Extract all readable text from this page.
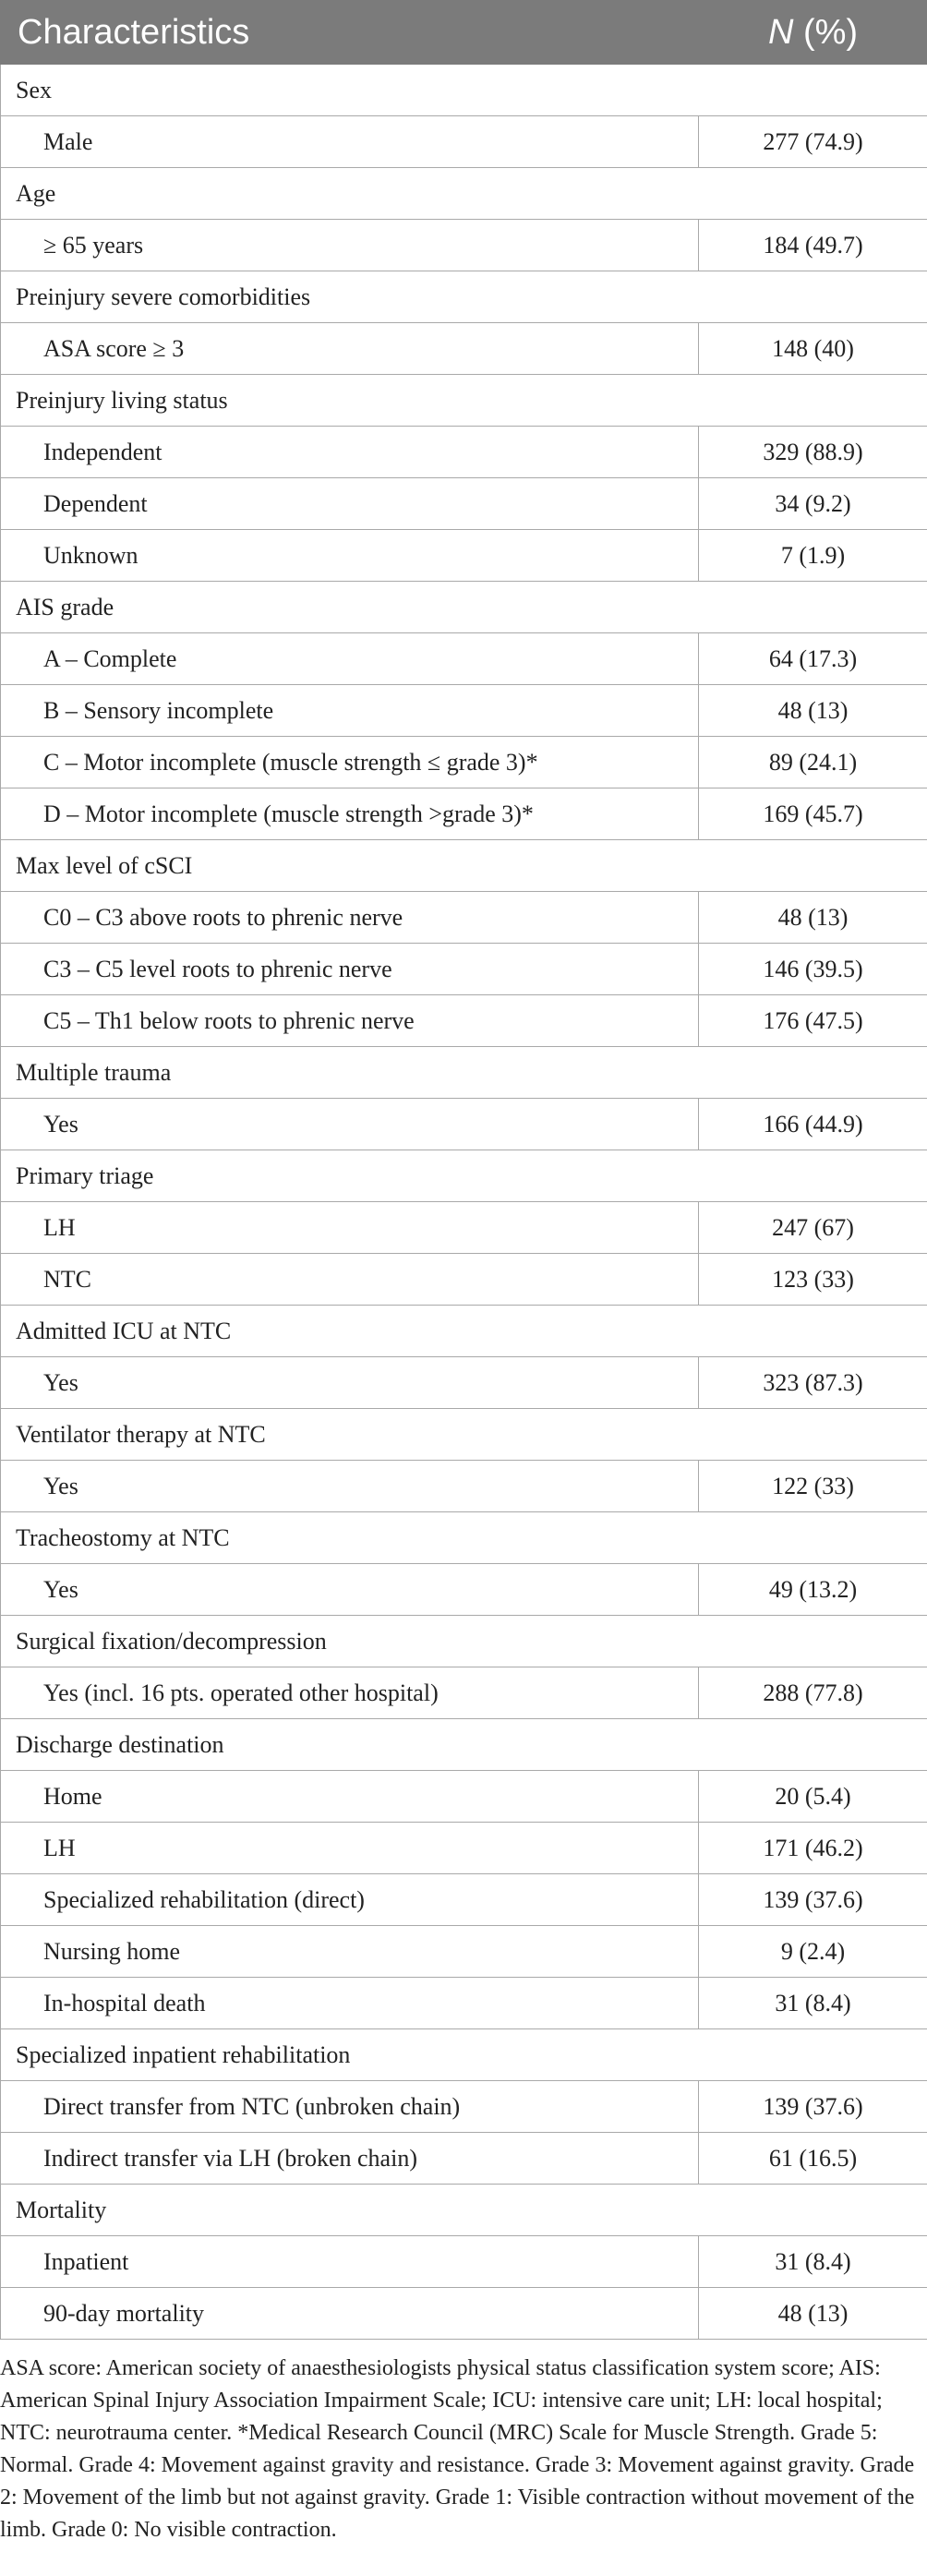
Characteristics	N (%)
Sex	
Male	277 (74.9)
Age	
≥ 65 years	184 (49.7)
Preinjury severe comorbidities	
ASA score ≥ 3	148 (40)
Preinjury living status	
Independent	329 (88.9)
Dependent	34 (9.2)
Unknown	7 (1.9)
AIS grade	
A – Complete	64 (17.3)
B – Sensory incomplete	48 (13)
C – Motor incomplete (muscle strength ≤ grade 3)*	89 (24.1)
D – Motor incomplete (muscle strength >grade 3)*	169 (45.7)
Max level of cSCI	
C0 – C3 above roots to phrenic nerve	48 (13)
C3 – C5 level roots to phrenic nerve	146 (39.5)
C5 – Th1 below roots to phrenic nerve	176 (47.5)
Multiple trauma	
Yes	166 (44.9)
Primary triage	
LH	247 (67)
NTC	123 (33)
Admitted ICU at NTC	
Yes	323 (87.3)
Ventilator therapy at NTC	
Yes	122 (33)
Tracheostomy at NTC	
Yes	49 (13.2)
Surgical fixation/decompression	
Yes (incl. 16 pts. operated other hospital)	288 (77.8)
Discharge destination	
Home	20 (5.4)
LH	171 (46.2)
Specialized rehabilitation (direct)	139 (37.6)
Nursing home	9 (2.4)
In-hospital death	31 (8.4)
Specialized inpatient rehabilitation	
Direct transfer from NTC (unbroken chain)	139 (37.6)
Indirect transfer via LH (broken chain)	61 (16.5)
Mortality	
Inpatient	31 (8.4)
90-day mortality	48 (13)
ASA score: American society of anaesthesiologists physical status classification system score; AIS: American Spinal Injury Association Impairment Scale; ICU: intensive care unit; LH: local hospital; NTC: neurotrauma center. *Medical Research Council (MRC) Scale for Muscle Strength. Grade 5: Normal. Grade 4: Movement against gravity and resistance. Grade 3: Movement against gravity. Grade 2: Movement of the limb but not against gravity. Grade 1: Visible contraction without movement of the limb. Grade 0: No visible contraction.
